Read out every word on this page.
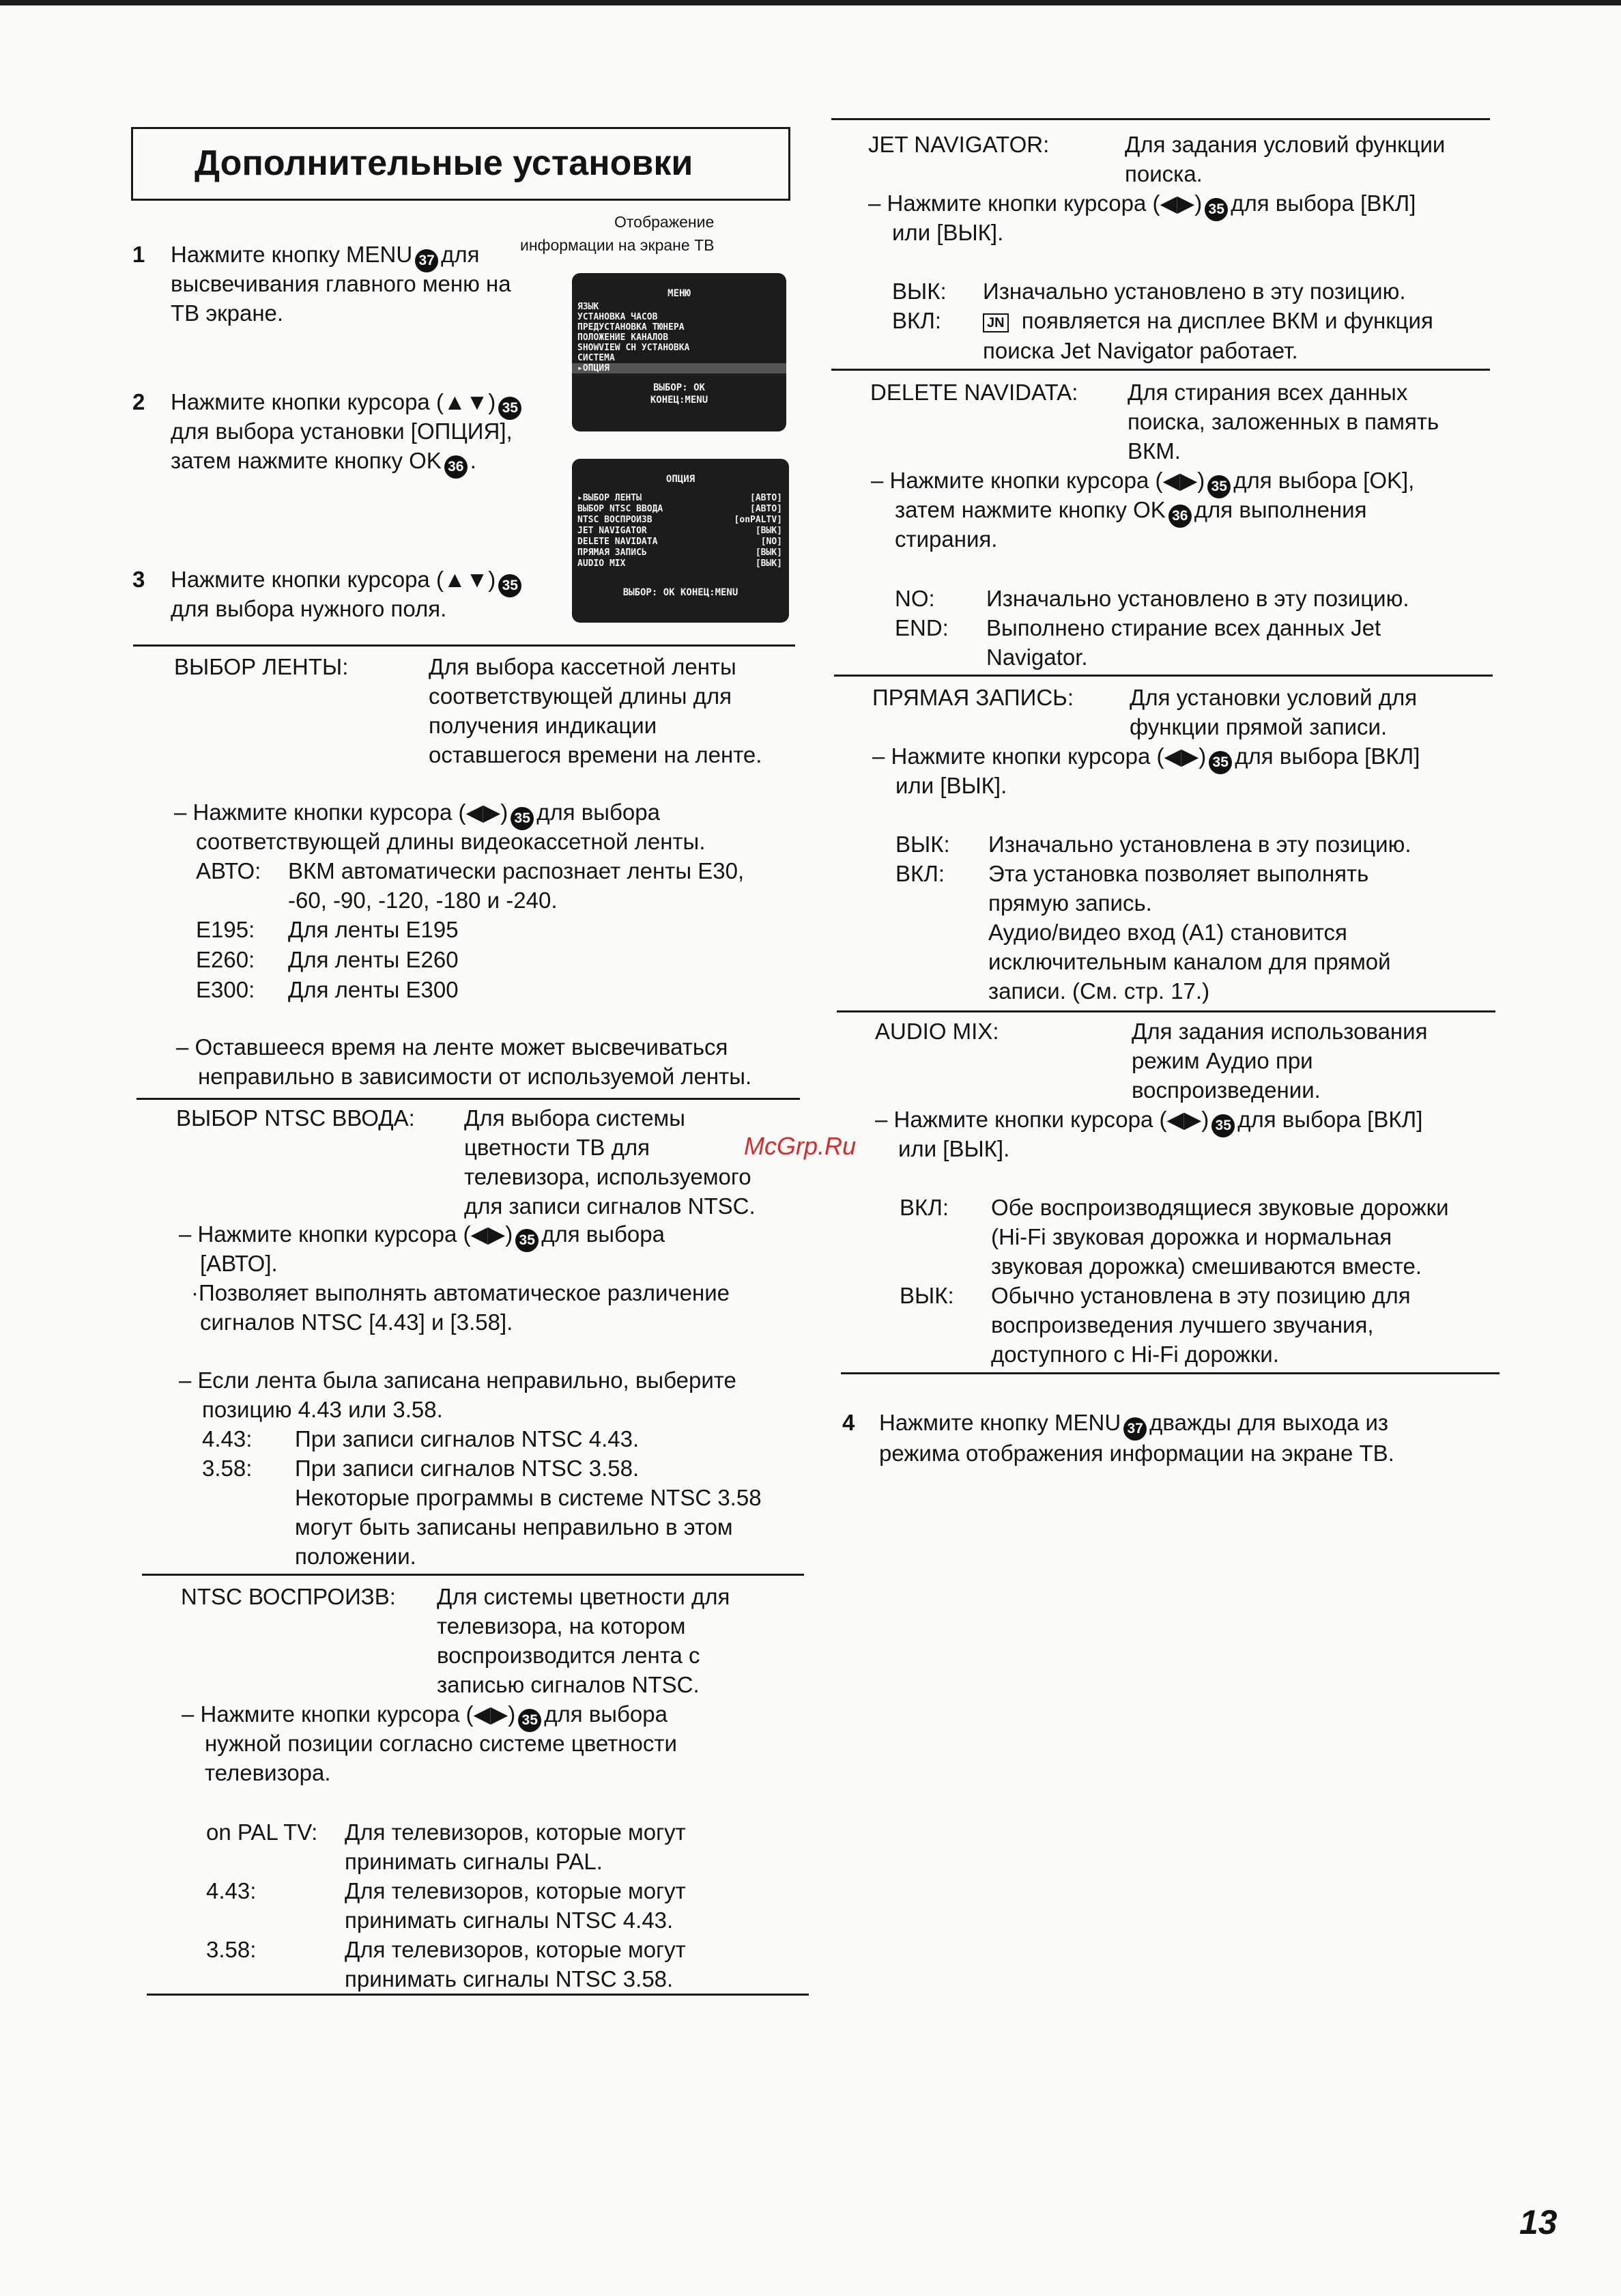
Дополнительные установки
Отображение
информации на экране ТВ
МЕНЮ
ЯЗЫК
УСТАНОВКА ЧАСОВ
ПРЕДУСТАНОВКА ТЮНЕРА
ПОЛОЖЕНИЕ КАНАЛОВ
SHOWVIEW CH УСТАНОВКА
СИСТЕМА
▸ОПЦИЯ
ВЫБОР: ОК
КОНЕЦ:MENU
ОПЦИЯ
▸ВЫБОР ЛЕНТЫ	[АВТО]
ВЫБОР NTSC ВВОДА	[АВТО]
NTSC ВОСПРОИЗВ	[onPALTV]
JET NAVIGATOR	[ВЫК]
DELETE NAVIDATA	[NO]
ПРЯМАЯ ЗАПИСЬ	[ВЫК]
AUDIO MIX	[ВЫК]
ВЫБОР: ОК КОНЕЦ:MENU
1 Нажмите кнопку MENU 37 для
высвечивания главного меню на
ТВ экране.
2 Нажмите кнопки курсора (▲▼) 35
для выбора установки [ОПЦИЯ],
затем нажмите кнопку OK 36 .
3 Нажмите кнопки курсора (▲▼) 35
для выбора нужного поля.
ВЫБОР ЛЕНТЫ:	Для выбора кассетной ленты
соответствующей длины для
получения индикации
оставшегося времени на ленте.
– Нажмите кнопки курсора (◀▶) 35 для выбора
соответствующей длины видеокассетной ленты.
АВТО: ВКМ автоматически распознает ленты Е30,
-60, -90, -120, -180 и -240.
Е195: Для ленты Е195
Е260: Для ленты Е260
Е300: Для ленты Е300
– Оставшееся время на ленте может высвечиваться
неправильно в зависимости от используемой ленты.
ВЫБОР NTSC ВВОДА: Для выбора системы
цветности ТВ для
телевизора, используемого
для записи сигналов NTSC.
– Нажмите кнопки курсора (◀▶) 35 для выбора
[АВТО].
·Позволяет выполнять автоматическое различение
сигналов NTSC [4.43] и [3.58].
– Если лента была записана неправильно, выберите
позицию 4.43 или 3.58.
4.43: При записи сигналов NTSC 4.43.
3.58: При записи сигналов NTSC 3.58.
Некоторые программы в системе NTSC 3.58
могут быть записаны неправильно в этом
положении.
NTSC ВОСПРОИЗВ: Для системы цветности для
телевизора, на котором
воспроизводится лента с
записью сигналов NTSC.
– Нажмите кнопки курсора (◀▶) 35 для выбора
нужной позиции согласно системе цветности
телевизора.
on PAL TV: Для телевизоров, которые могут
принимать сигналы PAL.
4.43:	Для телевизоров, которые могут
принимать сигналы NTSC 4.43.
3.58:	Для телевизоров, которые могут
принимать сигналы NTSC 3.58.
JET NAVIGATOR:	Для задания условий функции
поиска.
– Нажмите кнопки курсора (◀▶) 35 для выбора [ВКЛ]
или [ВЫК].
ВЫК: Изначально установлено в эту позицию.
ВКЛ:	JN появляется на дисплее ВКМ и функция
поиска Jet Navigator работает.
DELETE NAVIDATA: Для стирания всех данных
поиска, заложенных в память
ВКМ.
– Нажмите кнопки курсора (◀▶) 35 для выбора [OK],
затем нажмите кнопку OK 36 для выполнения
стирания.
NO: Изначально установлено в эту позицию.
END: Выполнено стирание всех данных Jet
Navigator.
ПРЯМАЯ ЗАПИСЬ: Для установки условий для
функции прямой записи.
– Нажмите кнопки курсора (◀▶) 35 для выбора [ВКЛ]
или [ВЫК].
ВЫК: Изначально установлена в эту позицию.
ВКЛ: Эта установка позволяет выполнять
прямую запись.
Аудио/видео вход (А1) становится
исключительным каналом для прямой
записи. (См. стр. 17.)
AUDIO MIX:	Для задания использования
режим Аудио при
воспроизведении.
– Нажмите кнопки курсора (◀▶) 35 для выбора [ВКЛ]
или [ВЫК].
ВКЛ: Обе воспроизводящиеся звуковые дорожки
(Hi-Fi звуковая дорожка и нормальная
звуковая дорожка) смешиваются вместе.
ВЫК: Обычно установлена в эту позицию для
воспроизведения лучшего звучания,
доступного с Hi-Fi дорожки.
4 Нажмите кнопку MENU 37 дважды для выхода из
режима отображения информации на экране ТВ.
McGrp.Ru
13
